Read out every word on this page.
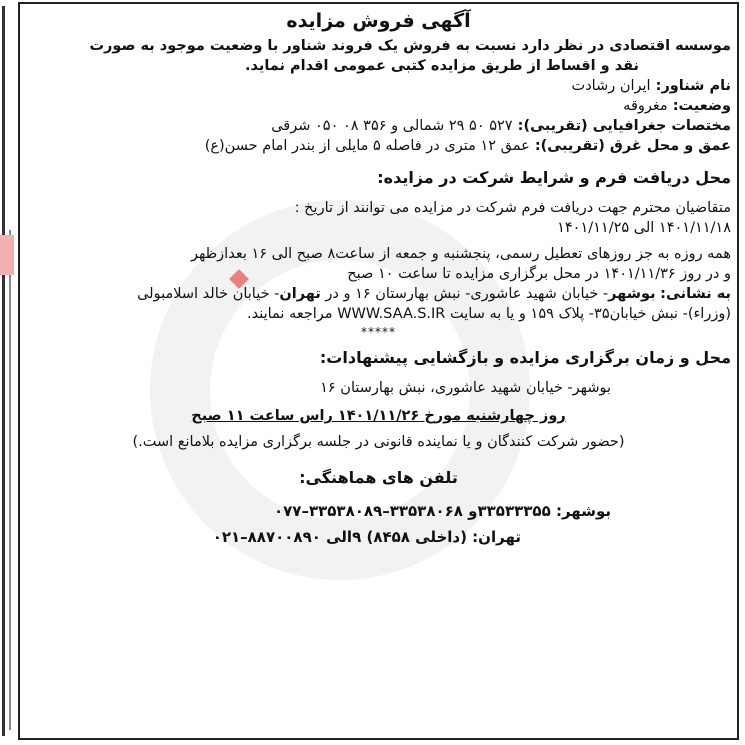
آگهی فروش مزایده
موسسه اقتصادی در نظر دارد نسبت به فروش یک فروند شناور با وضعیت موجود به صورت
نقد و اقساط از طریق مزایده کتبی عمومی اقدام نماید.
نام شناور: ایران رشادت
وضعیت: مغروقه
مختصات جغرافیایی (تقریبی): ۵۲۷ ۵۰ ۲۹ شمالی و ۳۵۶ ۰۸ ۰۵۰ شرقی
عمق و محل غرق (تقریبی): عمق ۱۲ متری در فاصله ۵ مایلی از بندر امام حسن(ع)
محل دریافت فرم و شرایط شرکت در مزایده:
متقاضیان محترم جهت دریافت فرم شرکت در مزایده می توانند از تاریخ :
۱۴۰۱/۱۱/۱۸ الی ۱۴۰۱/۱۱/۲۵
همه روزه به جز روزهای تعطیل رسمی، پنجشنبه و جمعه از ساعت۸ صبح الی ۱۶ بعدازظهر
و در روز ۱۴۰۱/۱۱/۳۶ در محل برگزاری مزایده تا ساعت ۱۰ صبح
به نشانی: بوشهر- خیابان شهید عاشوری- نبش بهارستان ۱۶ و در تهران- خیابان خالد اسلامبولی
(وزراء)- نبش خیابان۳۵- پلاک ۱۵۹ و یا به سایت WWW.SAA.S.IR مراجعه نمایند.
*****
محل و زمان برگزاری مزایده و بازگشایی پیشنهادات:
بوشهر- خیابان شهید عاشوری، نبش بهارستان ۱۶
روز چهارشنبه مورخ ۱۴۰۱/۱۱/۲۶ راس ساعت ۱۱ صبح
(حضور شرکت کنندگان و یا نماینده قانونی در جلسه برگزاری مزایده بلامانع است.)
تلفن های هماهنگی:
بوشهر: ۳۳۵۳۳۳۵۵و ۳۳۵۳۸۰۶۸–۳۳۵۳۸۰۸۹–۰۷۷
تهران: (داخلی ۸۴۵۸) ۹الی ۸۸۷۰۰۸۹۰–۰۲۱
